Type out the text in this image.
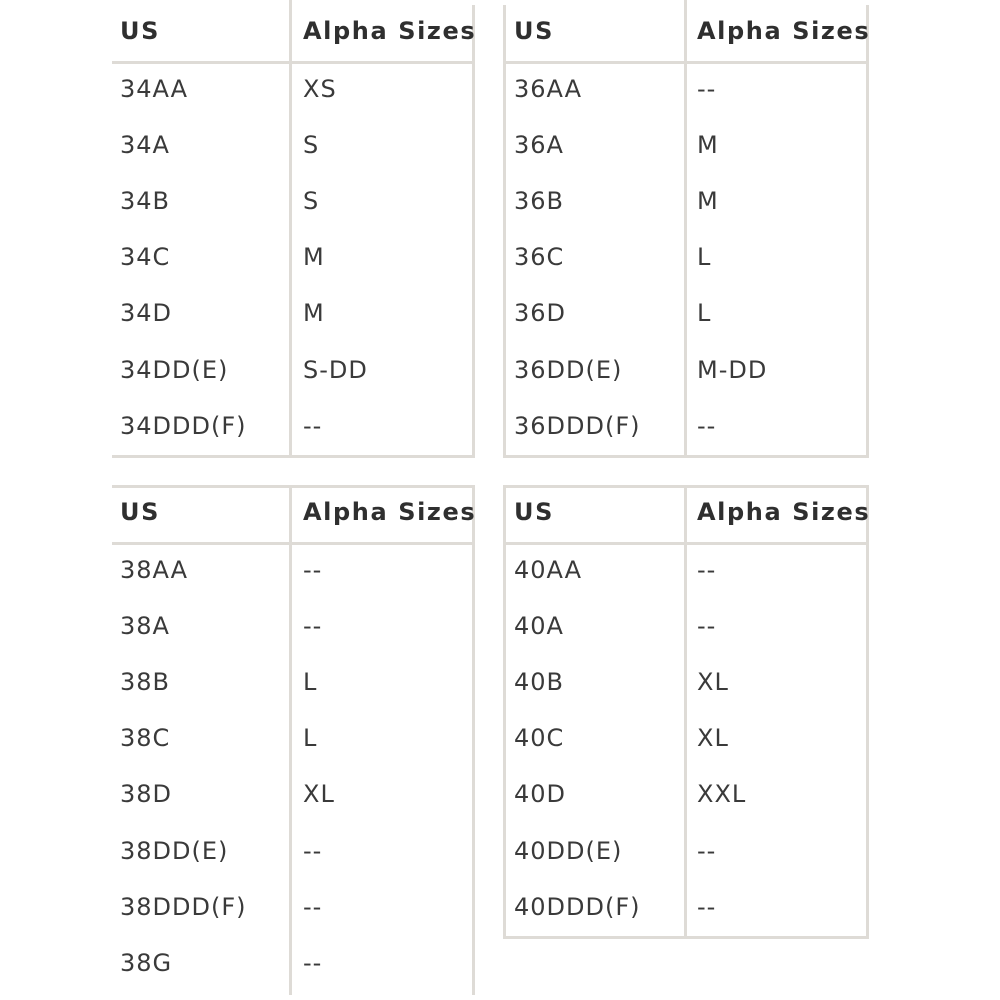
US	Alpha Sizes
34AA	XS
34A	S
34B	S
34C	M
34D	M
34DD(E)	S-DD
34DDD(F) --
US	Alpha Sizes
36AA	--
36A	M
36B	M
36C	L
36D	L
36DD(E)	M-DD
36DDD(F) --
US	Alpha Sizes
38AA	--
38A	--
38B	L
38C	L
38D	XL
38DD(E)	--
38DDD(F) --
38G	--
US	Alpha Sizes
40AA	--
40A	--
40B	XL
40C	XL
40D	XXL
40DD(E)	--
40DDD(F) --
